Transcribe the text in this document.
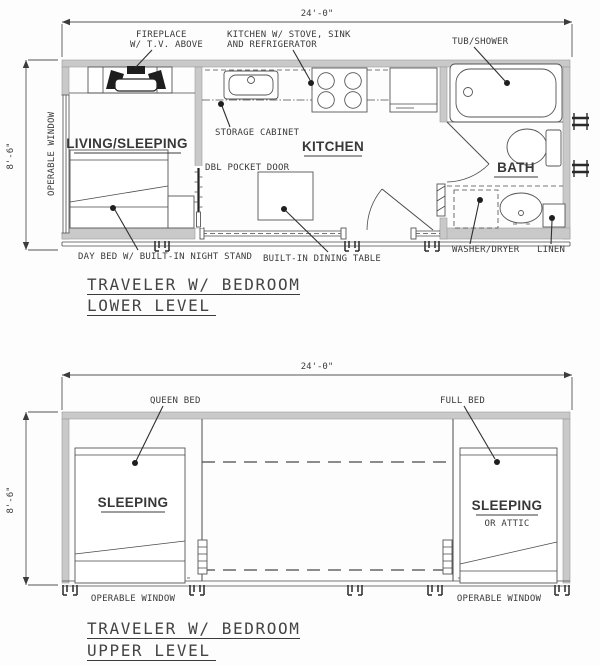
24'-0"
8'-6"
FIREPLACE
W/ T.V. ABOVE
KITCHEN W/ STOVE, SINK
AND REFRIGERATOR	TUB/SHOWER
OPERABLE WINDOW	STORAGE CABINET
DBL POCKET DOOR
DAY BED W/ BUILT-IN NIGHT STAND BUILT-IN DINING TABLE
WASHER/DRYER LINEN
LIVING/SLEEPING	KITCHEN
BATH
TRAVELER W/ BEDROOM
LOWER LEVEL
24'-0"
8'-6"
QUEEN BED	FULL BED
OPERABLE WINDOW	OPERABLE WINDOW
SLEEPING	SLEEPING
OR ATTIC
TRAVELER W/ BEDROOM
UPPER LEVEL
